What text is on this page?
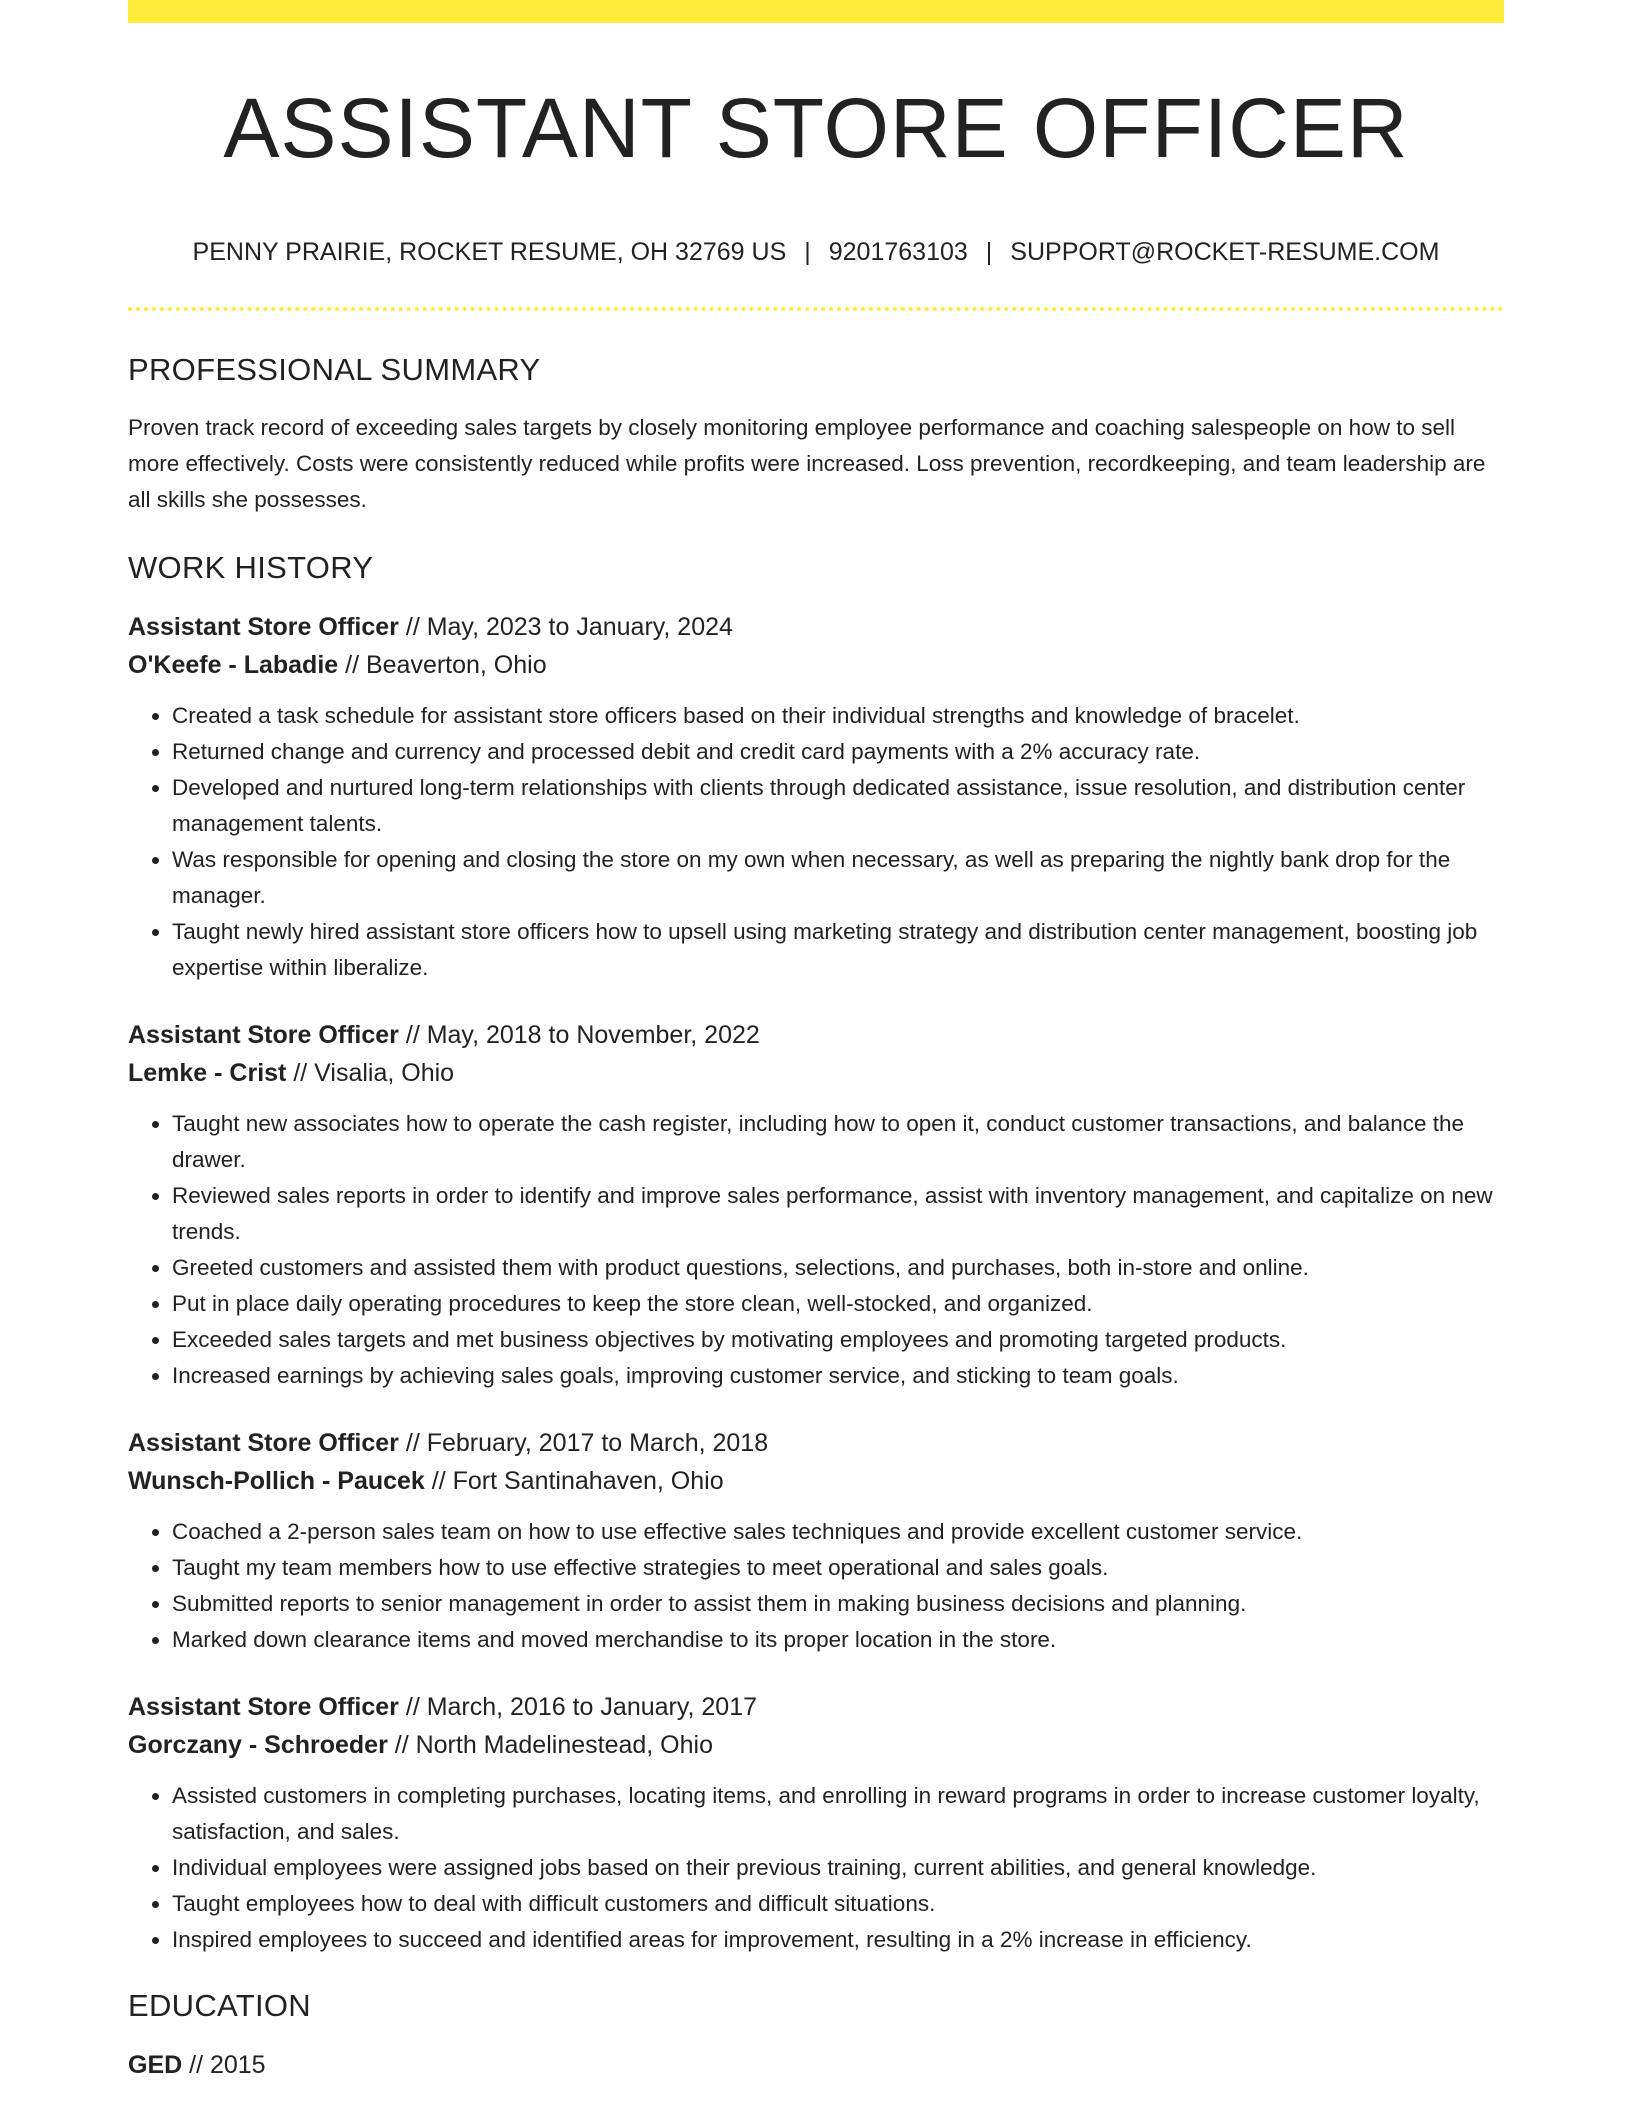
ASSISTANT STORE OFFICER
PENNY PRAIRIE, ROCKET RESUME, OH 32769 US | 9201763103 | SUPPORT@ROCKET-RESUME.COM
PROFESSIONAL SUMMARY

Proven track record of exceeding sales targets by closely monitoring employee performance and coaching salespeople on how to sell more effectively. Costs were consistently reduced while profits were increased. Loss prevention, recordkeeping, and team leadership are all skills she possesses.

WORK HISTORY
Assistant Store Officer // May, 2023 to January, 2024
O'Keefe - Labadie // Beaverton, Ohio
• Created a task schedule for assistant store officers based on their individual strengths and knowledge of bracelet.
• Returned change and currency and processed debit and credit card payments with a 2% accuracy rate.
• Developed and nurtured long-term relationships with clients through dedicated assistance, issue resolution, and distribution center management talents.
• Was responsible for opening and closing the store on my own when necessary, as well as preparing the nightly bank drop for the manager.
• Taught newly hired assistant store officers how to upsell using marketing strategy and distribution center management, boosting job expertise within liberalize.
Assistant Store Officer // May, 2018 to November, 2022
Lemke - Crist // Visalia, Ohio
• Taught new associates how to operate the cash register, including how to open it, conduct customer transactions, and balance the drawer.
• Reviewed sales reports in order to identify and improve sales performance, assist with inventory management, and capitalize on new trends.
• Greeted customers and assisted them with product questions, selections, and purchases, both in-store and online.
• Put in place daily operating procedures to keep the store clean, well-stocked, and organized.
• Exceeded sales targets and met business objectives by motivating employees and promoting targeted products.
• Increased earnings by achieving sales goals, improving customer service, and sticking to team goals.
Assistant Store Officer // February, 2017 to March, 2018
Wunsch-Pollich - Paucek // Fort Santinahaven, Ohio
• Coached a 2-person sales team on how to use effective sales techniques and provide excellent customer service.
• Taught my team members how to use effective strategies to meet operational and sales goals.
• Submitted reports to senior management in order to assist them in making business decisions and planning.
• Marked down clearance items and moved merchandise to its proper location in the store.
Assistant Store Officer // March, 2016 to January, 2017
Gorczany - Schroeder // North Madelinestead, Ohio
• Assisted customers in completing purchases, locating items, and enrolling in reward programs in order to increase customer loyalty, satisfaction, and sales.
• Individual employees were assigned jobs based on their previous training, current abilities, and general knowledge.
• Taught employees how to deal with difficult customers and difficult situations.
• Inspired employees to succeed and identified areas for improvement, resulting in a 2% increase in efficiency.
EDUCATION
GED // 2015
